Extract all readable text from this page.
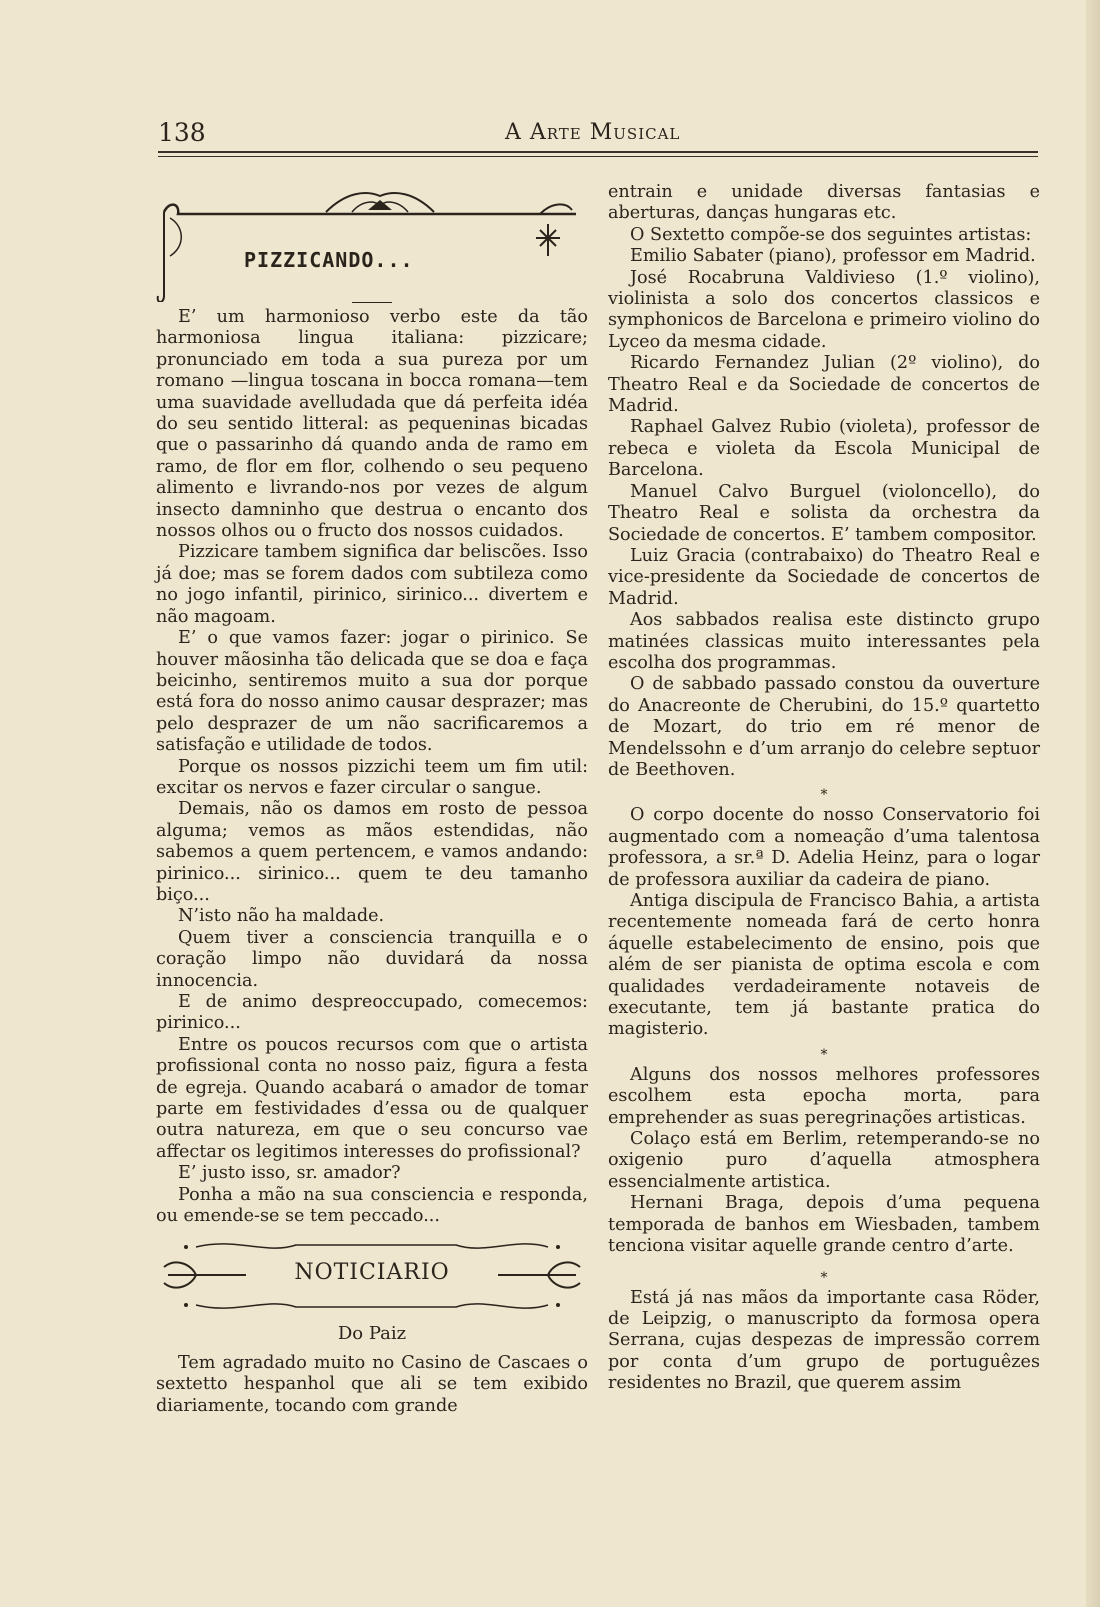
138	A Arte Musical
PIZZICANDO...

E’ um harmonioso verbo este da tão harmoniosa lingua italiana: pizzicare; pronunciado em toda a sua pureza por um romano —lingua toscana in bocca romana—tem uma suavidade avelludada que dá perfeita idéa do seu sentido litteral: as pequeninas bicadas que o passarinho dá quando anda de ramo em ramo, de flor em flor, colhendo o seu pequeno alimento e livrando-nos por vezes de algum insecto damninho que destrua o encanto dos nossos olhos ou o fructo dos nossos cuidados.

Pizzicare tambem significa dar beliscões. Isso já doe; mas se forem dados com subtileza como no jogo infantil, pirinico, sirinico... divertem e não magoam.

E’ o que vamos fazer: jogar o pirinico. Se houver mãosinha tão delicada que se doa e faça beicinho, sentiremos muito a sua dor porque está fora do nosso animo causar desprazer; mas pelo desprazer de um não sacrificaremos a satisfação e utilidade de todos.

Porque os nossos pizzichi teem um fim util: excitar os nervos e fazer circular o sangue.

Demais, não os damos em rosto de pessoa alguma; vemos as mãos estendidas, não sabemos a quem pertencem, e vamos andando: pirinico... sirinico... quem te deu tamanho biço...

N’isto não ha maldade.

Quem tiver a consciencia tranquilla e o coração limpo não duvidará da nossa innocencia.

E de animo despreoccupado, comecemos: pirinico...

Entre os poucos recursos com que o artista profissional conta no nosso paiz, figura a festa de egreja. Quando acabará o amador de tomar parte em festividades d’essa ou de qualquer outra natureza, em que o seu concurso vae affectar os legitimos interesses do profissional?

E’ justo isso, sr. amador?

Ponha a mão na sua consciencia e responda, ou emende-se se tem peccado...

NOTICIARIO
Do Paiz

Tem agradado muito no Casino de Cascaes o sextetto hespanhol que ali se tem exibido diariamente, tocando com grande

entrain e unidade diversas fantasias e aberturas, danças hungaras etc.

O Sextetto compõe-se dos seguintes artistas:

Emilio Sabater (piano), professor em Madrid.

José Rocabruna Valdivieso (1.º violino), violinista a solo dos concertos classicos e symphonicos de Barcelona e primeiro violino do Lyceo da mesma cidade.

Ricardo Fernandez Julian (2º violino), do Theatro Real e da Sociedade de concertos de Madrid.

Raphael Galvez Rubio (violeta), professor de rebeca e violeta da Escola Municipal de Barcelona.

Manuel Calvo Burguel (violoncello), do Theatro Real e solista da orchestra da Sociedade de concertos. E’ tambem compositor.

Luiz Gracia (contrabaixo) do Theatro Real e vice-presidente da Sociedade de concertos de Madrid.

Aos sabbados realisa este distincto grupo matinées classicas muito interessantes pela escolha dos programmas.

O de sabbado passado constou da ouverture do Anacreonte de Cherubini, do 15.º quartetto de Mozart, do trio em ré menor de Mendelssohn e d’um arranjo do celebre septuor de Beethoven.

*

O corpo docente do nosso Conservatorio foi augmentado com a nomeação d’uma talentosa professora, a sr.ª D. Adelia Heinz, para o logar de professora auxiliar da cadeira de piano.

Antiga discipula de Francisco Bahia, a artista recentemente nomeada fará de certo honra áquelle estabelecimento de ensino, pois que além de ser pianista de optima escola e com qualidades verdadeiramente notaveis de executante, tem já bastante pratica do magisterio.

*

Alguns dos nossos melhores professores escolhem esta epocha morta, para emprehender as suas peregrinações artisticas.

Colaço está em Berlim, retemperando-se no oxigenio puro d’aquella atmosphera essencialmente artistica.

Hernani Braga, depois d’uma pequena temporada de banhos em Wiesbaden, tambem tenciona visitar aquelle grande centro d’arte.

*

Está já nas mãos da importante casa Röder, de Leipzig, o manuscripto da formosa opera Serrana, cujas despezas de impressão correm por conta d’um grupo de portuguêzes residentes no Brazil, que querem assim
